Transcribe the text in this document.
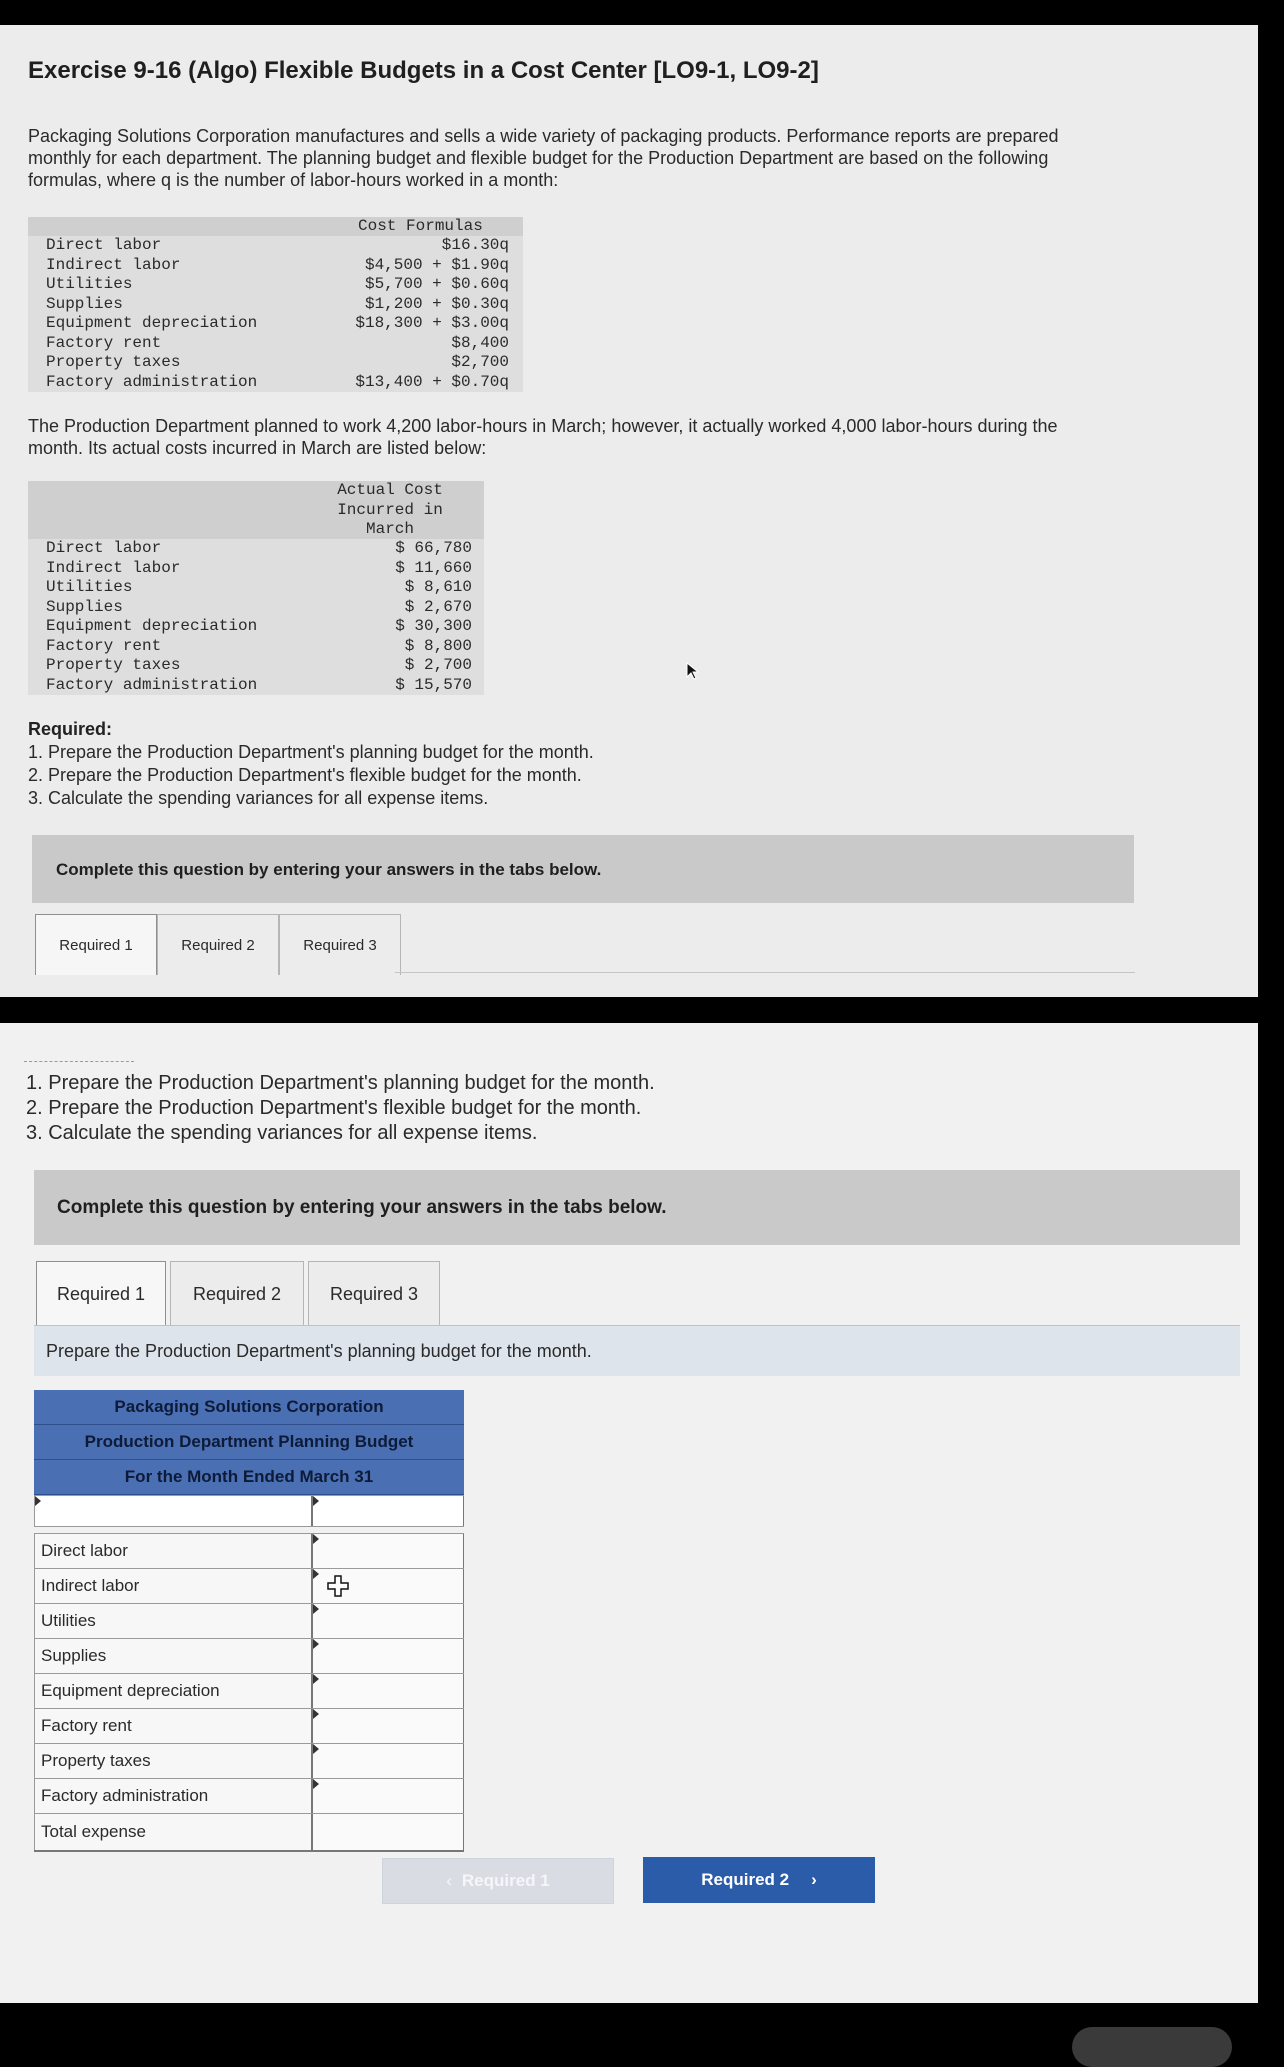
Exercise 9-16 (Algo) Flexible Budgets in a Cost Center [LO9-1, LO9-2]
Packaging Solutions Corporation manufactures and sells a wide variety of packaging products. Performance reports are prepared
monthly for each department. The planning budget and flexible budget for the Production Department are based on the following
formulas, where q is the number of labor-hours worked in a month:
Cost Formulas
Direct labor	$16.30q
Indirect labor	$4,500 + $1.90q
Utilities	$5,700 + $0.60q
Supplies	$1,200 + $0.30q
Equipment depreciation	$18,300 + $3.00q
Factory rent	$8,400
Property taxes	$2,700
Factory administration	$13,400 + $0.70q
The Production Department planned to work 4,200 labor-hours in March; however, it actually worked 4,000 labor-hours during the
month. Its actual costs incurred in March are listed below:
Actual Cost
Incurred in
March
Direct labor	$ 66,780
Indirect labor	$ 11,660
Utilities	$ 8,610
Supplies	$ 2,670
Equipment depreciation	$ 30,300
Factory rent	$ 8,800
Property taxes	$ 2,700
Factory administration	$ 15,570
Required:
1. Prepare the Production Department's planning budget for the month.
2. Prepare the Production Department's flexible budget for the month.
3. Calculate the spending variances for all expense items.
Complete this question by entering your answers in the tabs below.
Required 1	Required 2	Required 3
1. Prepare the Production Department's planning budget for the month.
2. Prepare the Production Department's flexible budget for the month.
3. Calculate the spending variances for all expense items.
Complete this question by entering your answers in the tabs below.
Required 1	Required 2	Required 3
Prepare the Production Department's planning budget for the month.
Packaging Solutions Corporation
Production Department Planning Budget
For the Month Ended March 31
Direct labor
Indirect labor
Utilities
Supplies
Equipment depreciation
Factory rent
Property taxes
Factory administration
Total expense
‹ Required 1	Required 2 ›
